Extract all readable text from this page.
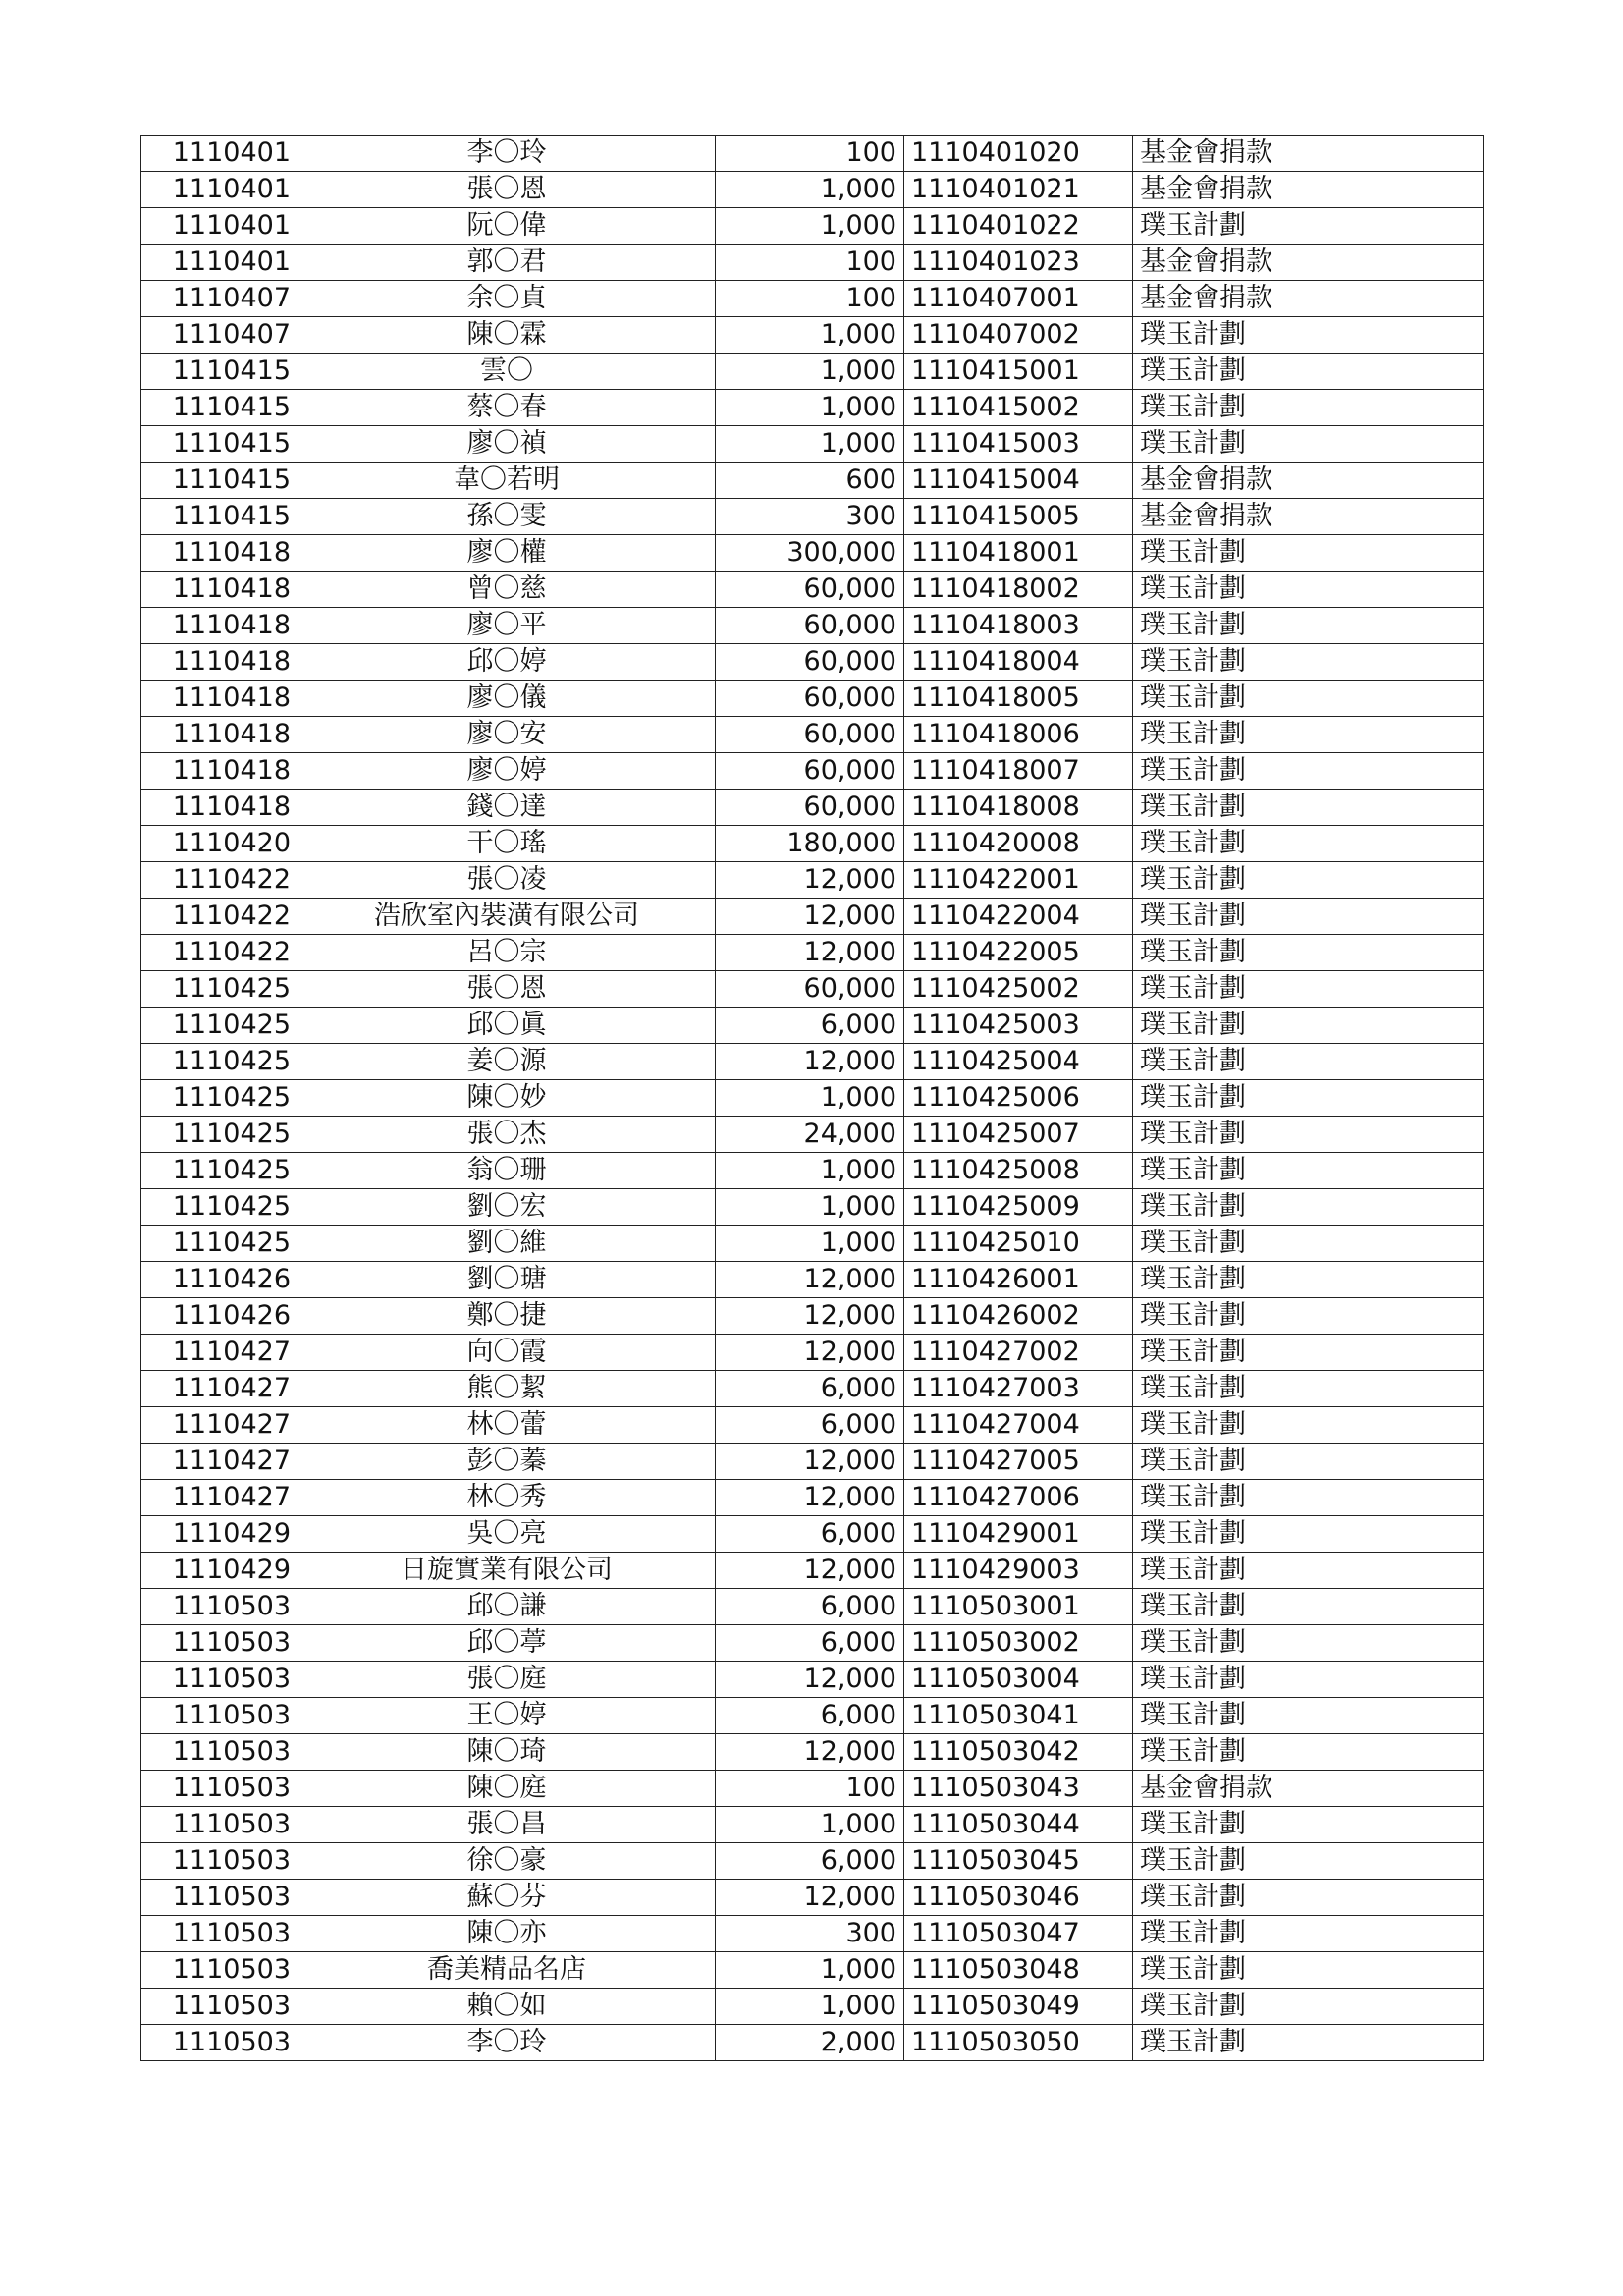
1110401	李〇玲	100	1110401020	基金會捐款
1110401	張〇恩	1,000	1110401021	基金會捐款
1110401	阮〇偉	1,000	1110401022	璞玉計劃
1110401	郭〇君	100	1110401023	基金會捐款
1110407	余〇貞	100	1110407001	基金會捐款
1110407	陳〇霖	1,000	1110407002	璞玉計劃
1110415	雲〇	1,000	1110415001	璞玉計劃
1110415	蔡〇春	1,000	1110415002	璞玉計劃
1110415	廖〇禎	1,000	1110415003	璞玉計劃
1110415	韋〇若明	600	1110415004	基金會捐款
1110415	孫〇雯	300	1110415005	基金會捐款
1110418	廖〇權	300,000	1110418001	璞玉計劃
1110418	曾〇慈	60,000	1110418002	璞玉計劃
1110418	廖〇平	60,000	1110418003	璞玉計劃
1110418	邱〇婷	60,000	1110418004	璞玉計劃
1110418	廖〇儀	60,000	1110418005	璞玉計劃
1110418	廖〇安	60,000	1110418006	璞玉計劃
1110418	廖〇婷	60,000	1110418007	璞玉計劃
1110418	錢〇達	60,000	1110418008	璞玉計劃
1110420	干〇瑤	180,000	1110420008	璞玉計劃
1110422	張〇凌	12,000	1110422001	璞玉計劃
1110422	浩欣室內裝潢有限公司	12,000	1110422004	璞玉計劃
1110422	呂〇宗	12,000	1110422005	璞玉計劃
1110425	張〇恩	60,000	1110425002	璞玉計劃
1110425	邱〇眞	6,000	1110425003	璞玉計劃
1110425	姜〇源	12,000	1110425004	璞玉計劃
1110425	陳〇妙	1,000	1110425006	璞玉計劃
1110425	張〇杰	24,000	1110425007	璞玉計劃
1110425	翁〇珊	1,000	1110425008	璞玉計劃
1110425	劉〇宏	1,000	1110425009	璞玉計劃
1110425	劉〇維	1,000	1110425010	璞玉計劃
1110426	劉〇瑭	12,000	1110426001	璞玉計劃
1110426	鄭〇捷	12,000	1110426002	璞玉計劃
1110427	向〇霞	12,000	1110427002	璞玉計劃
1110427	熊〇絜	6,000	1110427003	璞玉計劃
1110427	林〇蕾	6,000	1110427004	璞玉計劃
1110427	彭〇蓁	12,000	1110427005	璞玉計劃
1110427	林〇秀	12,000	1110427006	璞玉計劃
1110429	吳〇亮	6,000	1110429001	璞玉計劃
1110429	日旋實業有限公司	12,000	1110429003	璞玉計劃
1110503	邱〇謙	6,000	1110503001	璞玉計劃
1110503	邱〇葶	6,000	1110503002	璞玉計劃
1110503	張〇庭	12,000	1110503004	璞玉計劃
1110503	王〇婷	6,000	1110503041	璞玉計劃
1110503	陳〇琦	12,000	1110503042	璞玉計劃
1110503	陳〇庭	100	1110503043	基金會捐款
1110503	張〇昌	1,000	1110503044	璞玉計劃
1110503	徐〇豪	6,000	1110503045	璞玉計劃
1110503	蘇〇芬	12,000	1110503046	璞玉計劃
1110503	陳〇亦	300	1110503047	璞玉計劃
1110503	喬美精品名店	1,000	1110503048	璞玉計劃
1110503	賴〇如	1,000	1110503049	璞玉計劃
1110503	李〇玲	2,000	1110503050	璞玉計劃
